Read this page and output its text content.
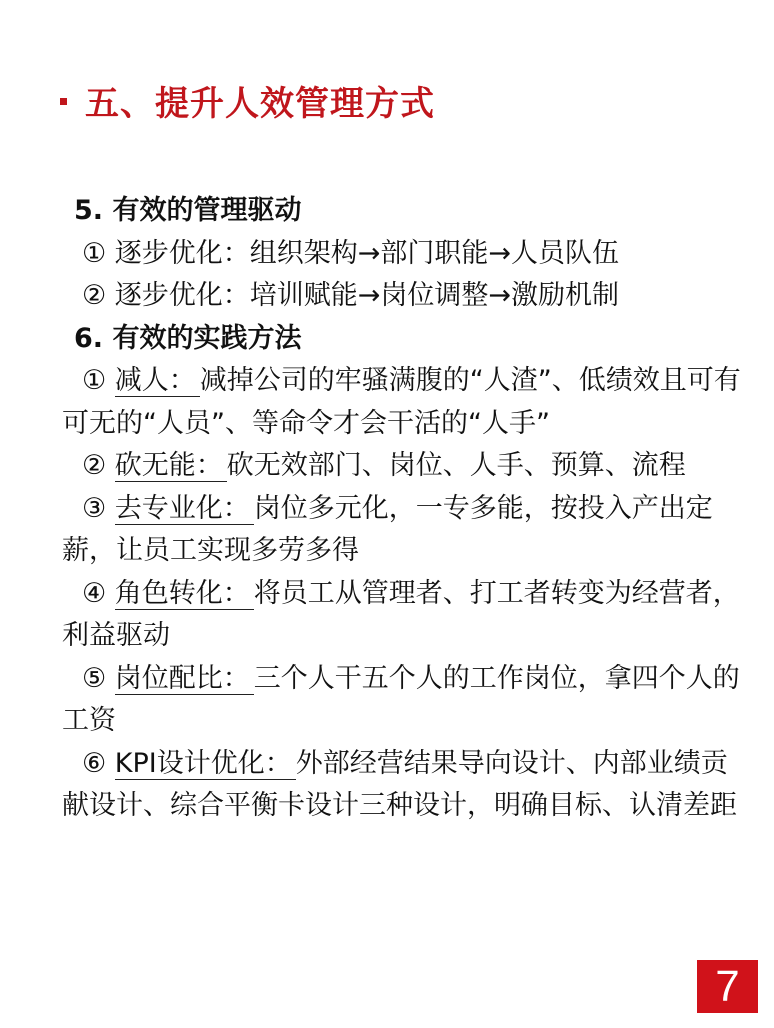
五、提升人效管理方式
5. 有效的管理驱动
① 逐步优化：组织架构→部门职能→人员队伍
② 逐步优化：培训赋能→岗位调整→激励机制
6. 有效的实践方法
① 减人： 减掉公司的牢骚满腹的“人渣”、低绩效且可有可无的“人员”、等命令才会干活的“人手”
② 砍无能： 砍无效部门、岗位、人手、预算、流程
③ 去专业化： 岗位多元化，一专多能，按投入产出定薪，让员工实现多劳多得
④ 角色转化： 将员工从管理者、打工者转变为经营者，利益驱动
⑤ 岗位配比： 三个人干五个人的工作岗位，拿四个人的工资
⑥ KPI设计优化： 外部经营结果导向设计、内部业绩贡献设计、综合平衡卡设计三种设计，明确目标、认清差距
7
